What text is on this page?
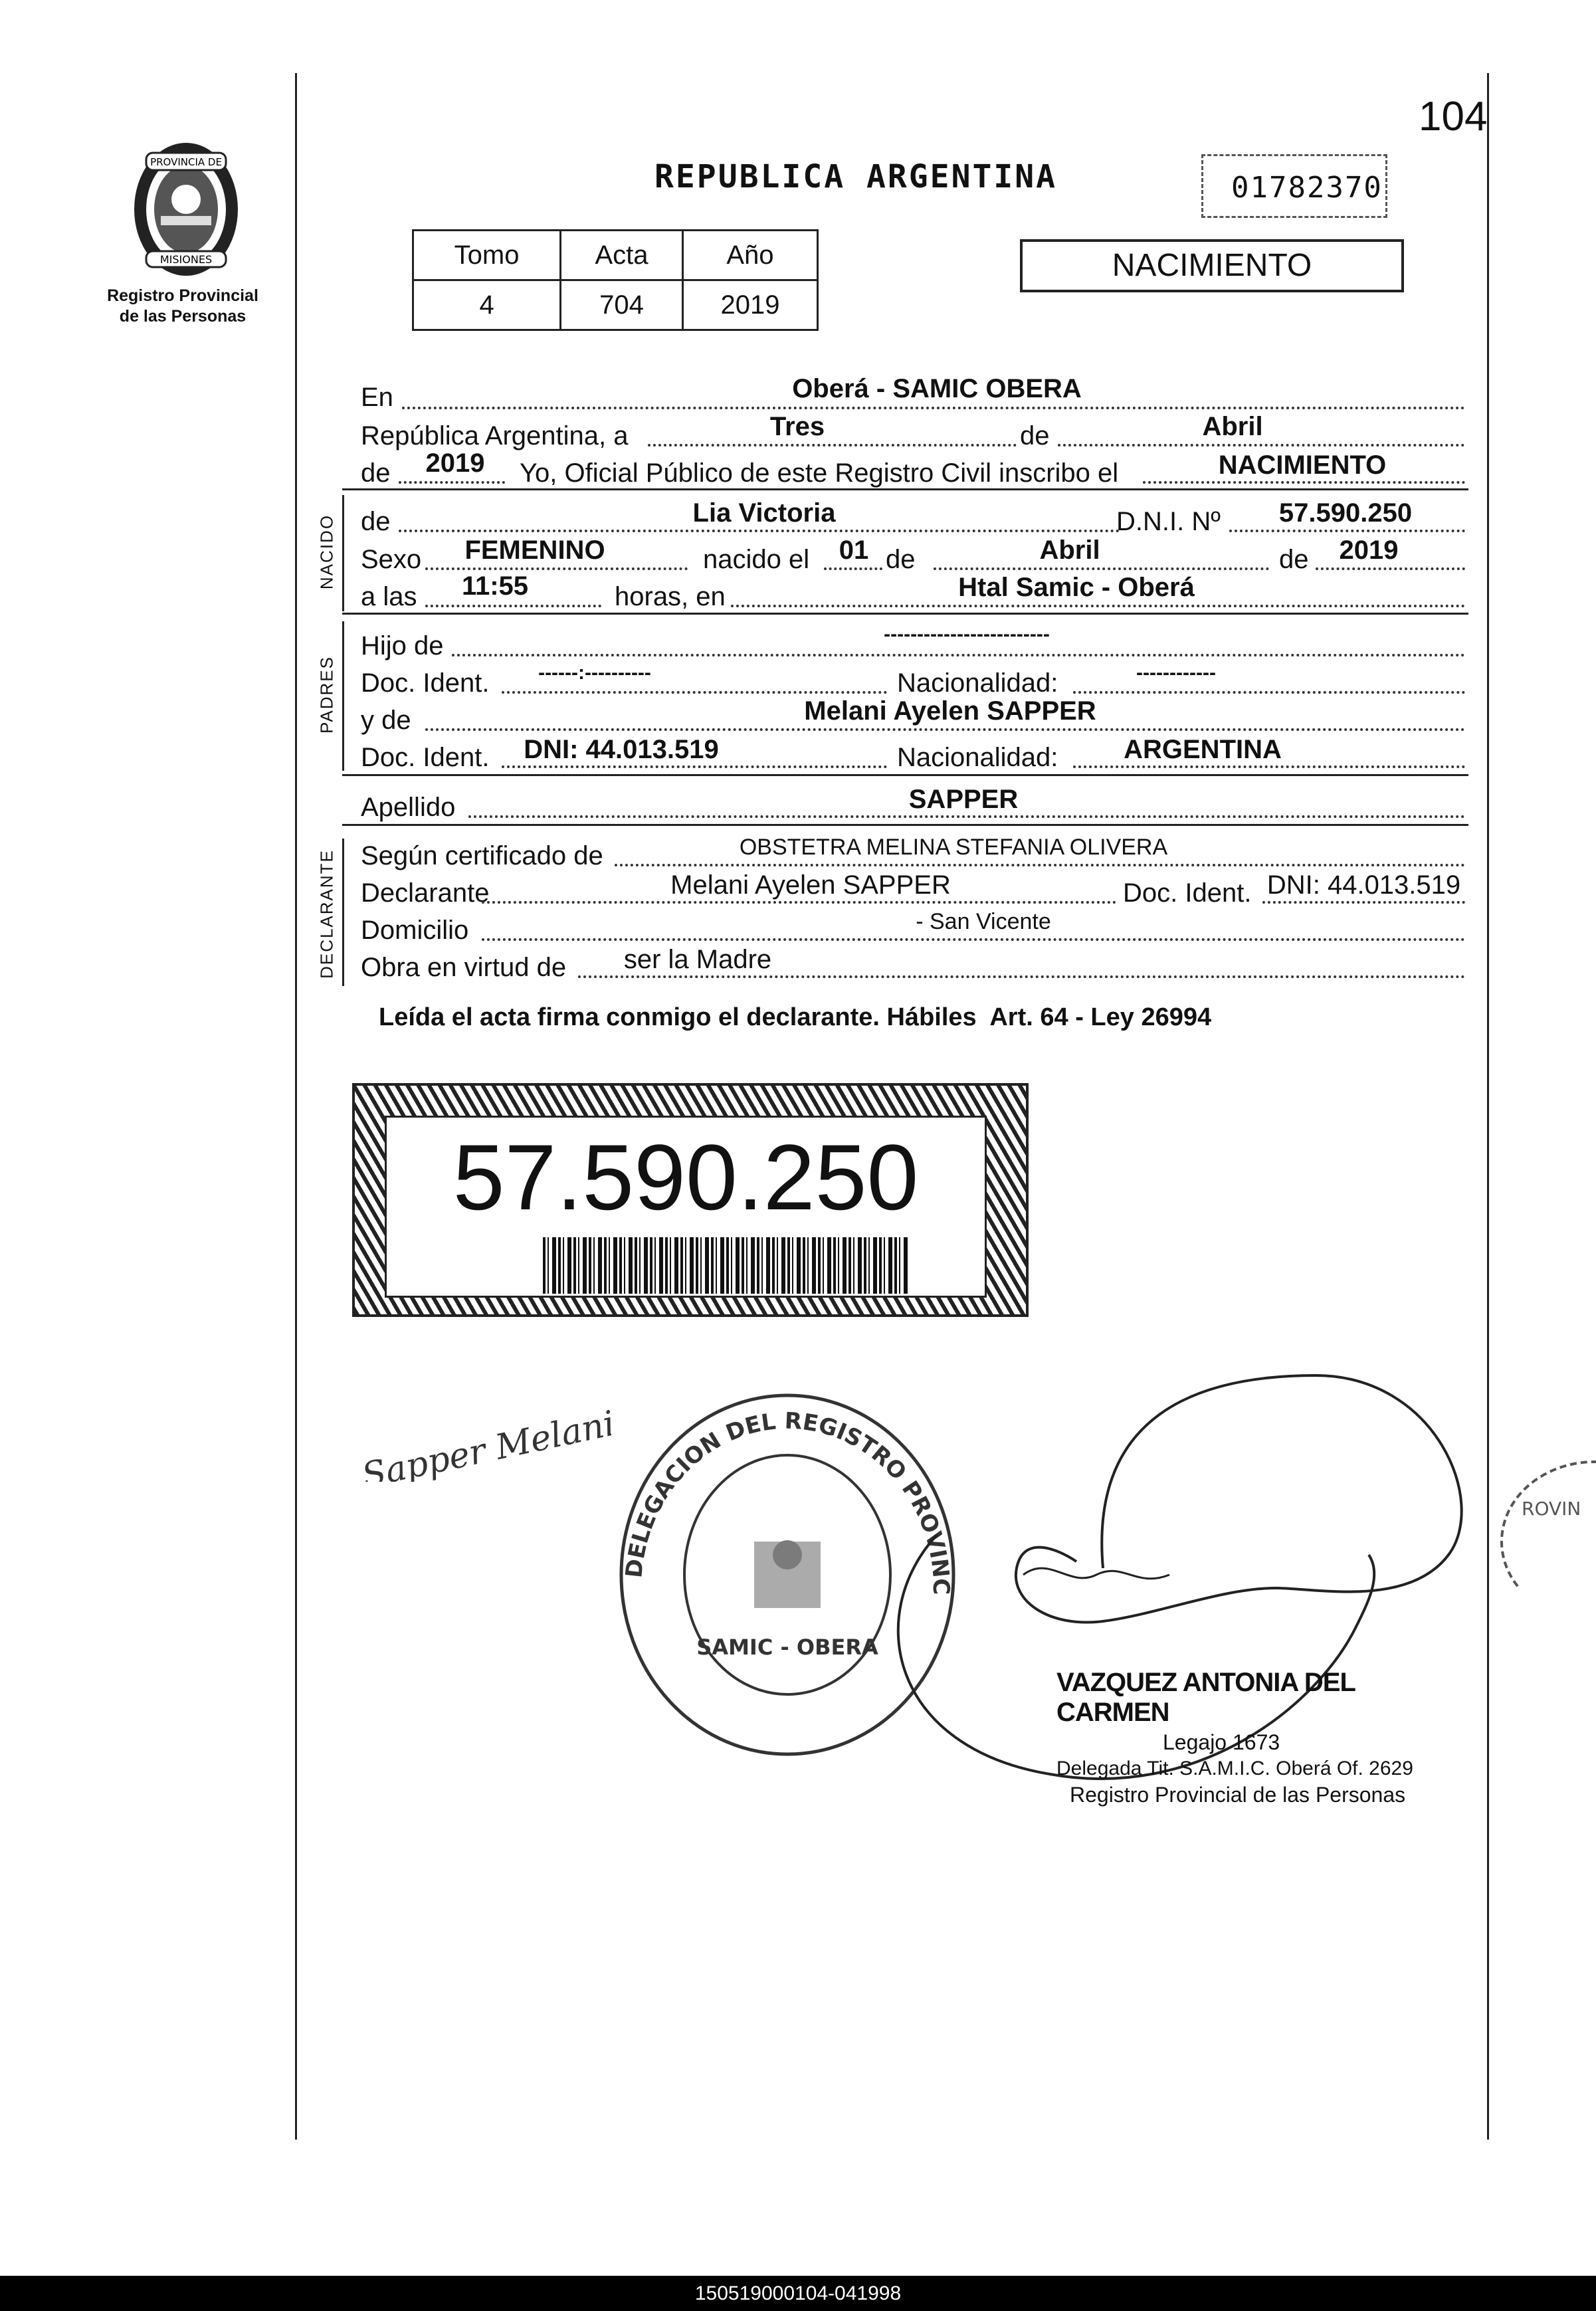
104
PROVINCIA DE
MISIONES
Registro Provincial
de las Personas
REPUBLICA ARGENTINA	01782370
Tomo	Acta	Año
4	704	2019
NACIMIENTO
En	Oberá - SAMIC OBERA
República Argentina, a	Tres	de	Abril
de	2019	Yo, Oficial Público de este Registro Civil inscribo el	NACIMIENTO
NACIDO de	Lia Victoria	D.N.I. Nº	57.590.250
Sexo	FEMENINO	nacido el	01 de	Abril	de	2019
a las	11:55	horas, en	Htal Samic - Oberá
PADRES
Hijo de	-------------------------
Doc. Ident.	------:----------	Nacionalidad:	------------
y de	Melani Ayelen SAPPER
Doc. Ident.	DNI: 44.013.519	Nacionalidad:	ARGENTINA
Apellido	SAPPER
DECLARANTE Según certificado de	OBSTETRA MELINA STEFANIA OLIVERA
Declarante	Melani Ayelen SAPPER	Doc. Ident. DNI: 44.013.519
Domicilio	- San Vicente
Obra en virtud de	ser la Madre
Leída el acta firma conmigo el declarante. Hábiles  Art. 64 - Ley 26994
57.590.250
Sapper Melani
DELEGACION DEL REGISTRO PROVINC
SAMIC - OBERA
ROVIN
VAZQUEZ ANTONIA DEL CARMEN
Legajo 1673
Delegada Tit. S.A.M.I.C. Oberá Of. 2629
Registro Provincial de las Personas
150519000104-041998
